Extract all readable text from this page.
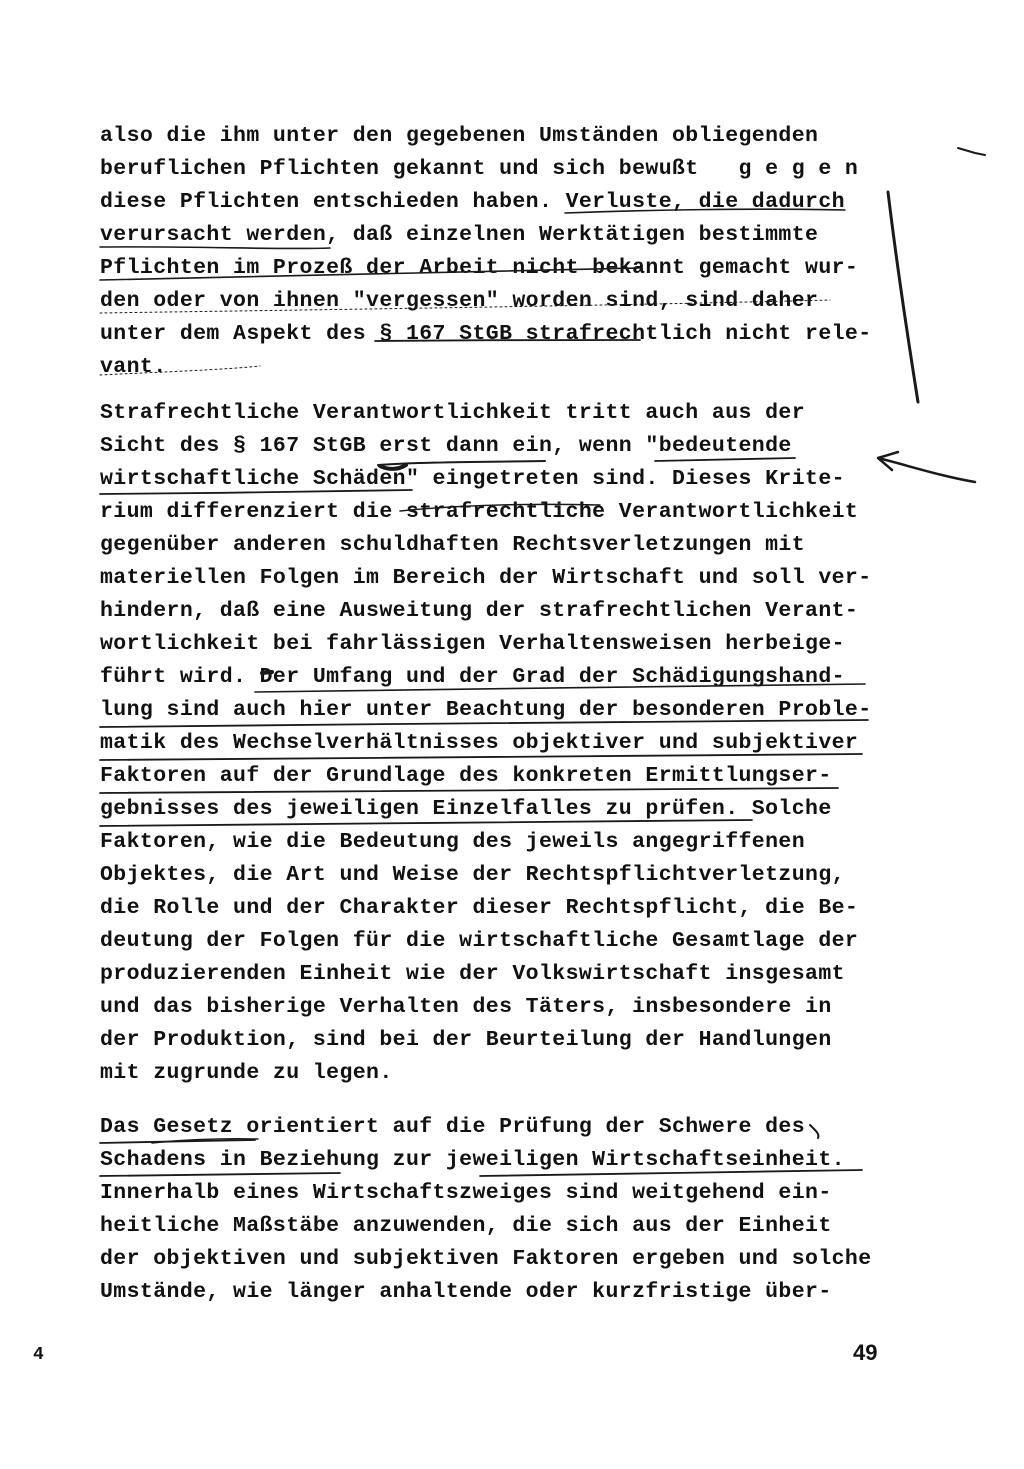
also die ihm unter den gegebenen Umständen obliegenden
beruflichen Pflichten gekannt und sich bewußt   g e g e n
diese Pflichten entschieden haben. Verluste, die dadurch
verursacht werden, daß einzelnen Werktätigen bestimmte
Pflichten im Prozeß der Arbeit nicht bekannt gemacht wur-
den oder von ihnen "vergessen" worden sind, sind daher
unter dem Aspekt des § 167 StGB strafrechtlich nicht rele-
vant.
Strafrechtliche Verantwortlichkeit tritt auch aus der
Sicht des § 167 StGB erst dann ein, wenn "bedeutende
wirtschaftliche Schäden" eingetreten sind. Dieses Krite-
rium differenziert die strafrechtliche Verantwortlichkeit
gegenüber anderen schuldhaften Rechtsverletzungen mit
materiellen Folgen im Bereich der Wirtschaft und soll ver-
hindern, daß eine Ausweitung der strafrechtlichen Verant-
wortlichkeit bei fahrlässigen Verhaltensweisen herbeige-
führt wird. Der Umfang und der Grad der Schädigungshand-
lung sind auch hier unter Beachtung der besonderen Proble-
matik des Wechselverhältnisses objektiver und subjektiver
Faktoren auf der Grundlage des konkreten Ermittlungser-
gebnisses des jeweiligen Einzelfalles zu prüfen. Solche
Faktoren, wie die Bedeutung des jeweils angegriffenen
Objektes, die Art und Weise der Rechtspflichtverletzung,
die Rolle und der Charakter dieser Rechtspflicht, die Be-
deutung der Folgen für die wirtschaftliche Gesamtlage der
produzierenden Einheit wie der Volkswirtschaft insgesamt
und das bisherige Verhalten des Täters, insbesondere in
der Produktion, sind bei der Beurteilung der Handlungen
mit zugrunde zu legen.
Das Gesetz orientiert auf die Prüfung der Schwere des
Schadens in Beziehung zur jeweiligen Wirtschaftseinheit.
Innerhalb eines Wirtschaftszweiges sind weitgehend ein-
heitliche Maßstäbe anzuwenden, die sich aus der Einheit
der objektiven und subjektiven Faktoren ergeben und solche
Umstände, wie länger anhaltende oder kurzfristige über-
4	49
